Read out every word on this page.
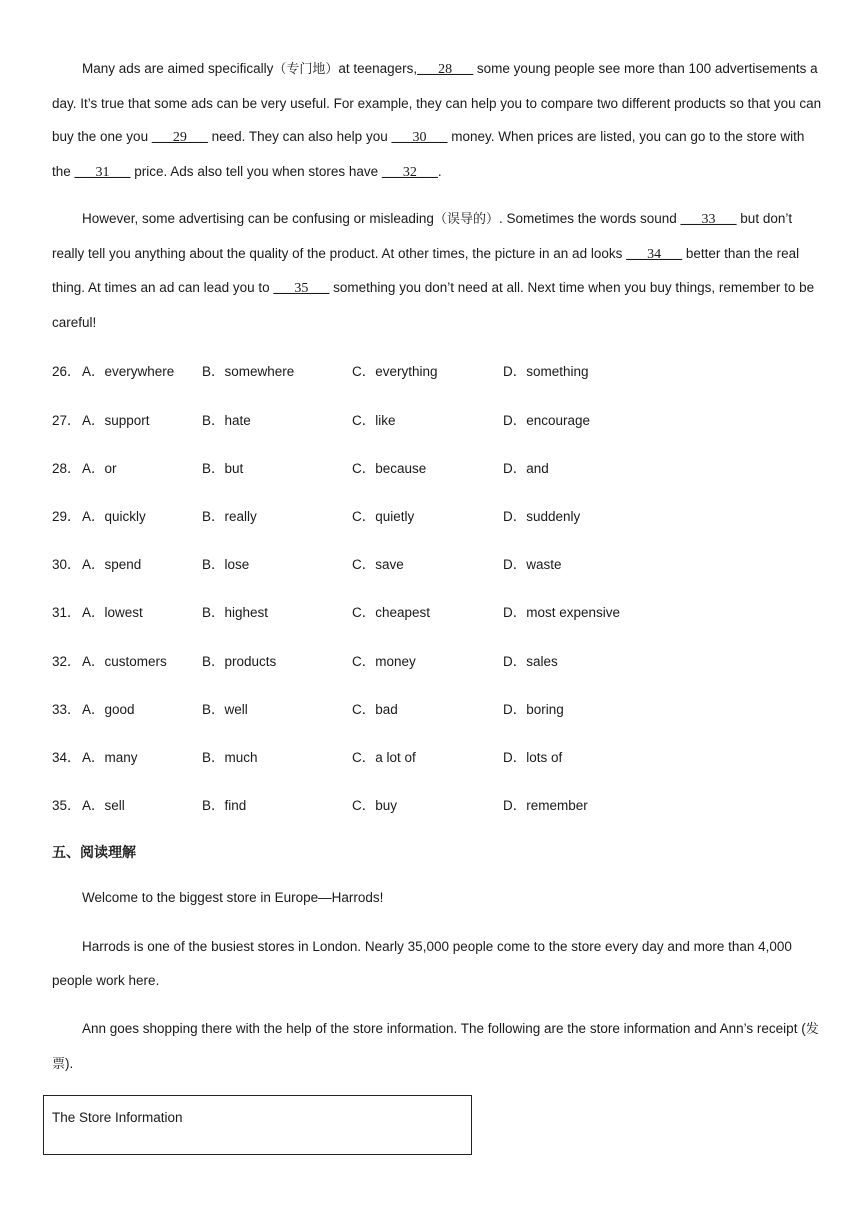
Many ads are aimed specifically（专门地）at teenagers,___28___ some young people see more than 100 advertisements a day. It’s true that some ads can be very useful. For example, they can help you to compare two different products so that you can buy the one you ___29___ need. They can also help you ___30___ money. When prices are listed, you can go to the store with the ___31___ price. Ads also tell you when stores have ___32___.

However, some advertising can be confusing or misleading（误导的）. Sometimes the words sound ___33___ but don’t really tell you anything about the quality of the product. At other times, the picture in an ad looks ___34___ better than the real thing. At times an ad can lead you to ___35___ something you don’t need at all. Next time when you buy things, remember to be careful!

26． A．everywhere B．somewhere	C．everything	D．something
27． A．support	B．hate	C．like	D．encourage
28． A．or	B．but	C．because	D．and
29． A．quickly	B．really	C．quietly	D．suddenly
30． A．spend	B．lose	C．save	D．waste
31． A．lowest	B．highest	C．cheapest	D．most expensive
32． A．customers	B．products	C．money	D．sales
33． A．good	B．well	C．bad	D．boring
34． A．many	B．much	C．a lot of	D．lots of
35． A．sell	B．find	C．buy	D．remember
五、阅读理解
Welcome to the biggest store in Europe—Harrods!

Harrods is one of the busiest stores in London. Nearly 35,000 people come to the store every day and more than 4,000 people work here.

Ann goes shopping there with the help of the store information. The following are the store information and Ann’s receipt (发票).

The Store Information
